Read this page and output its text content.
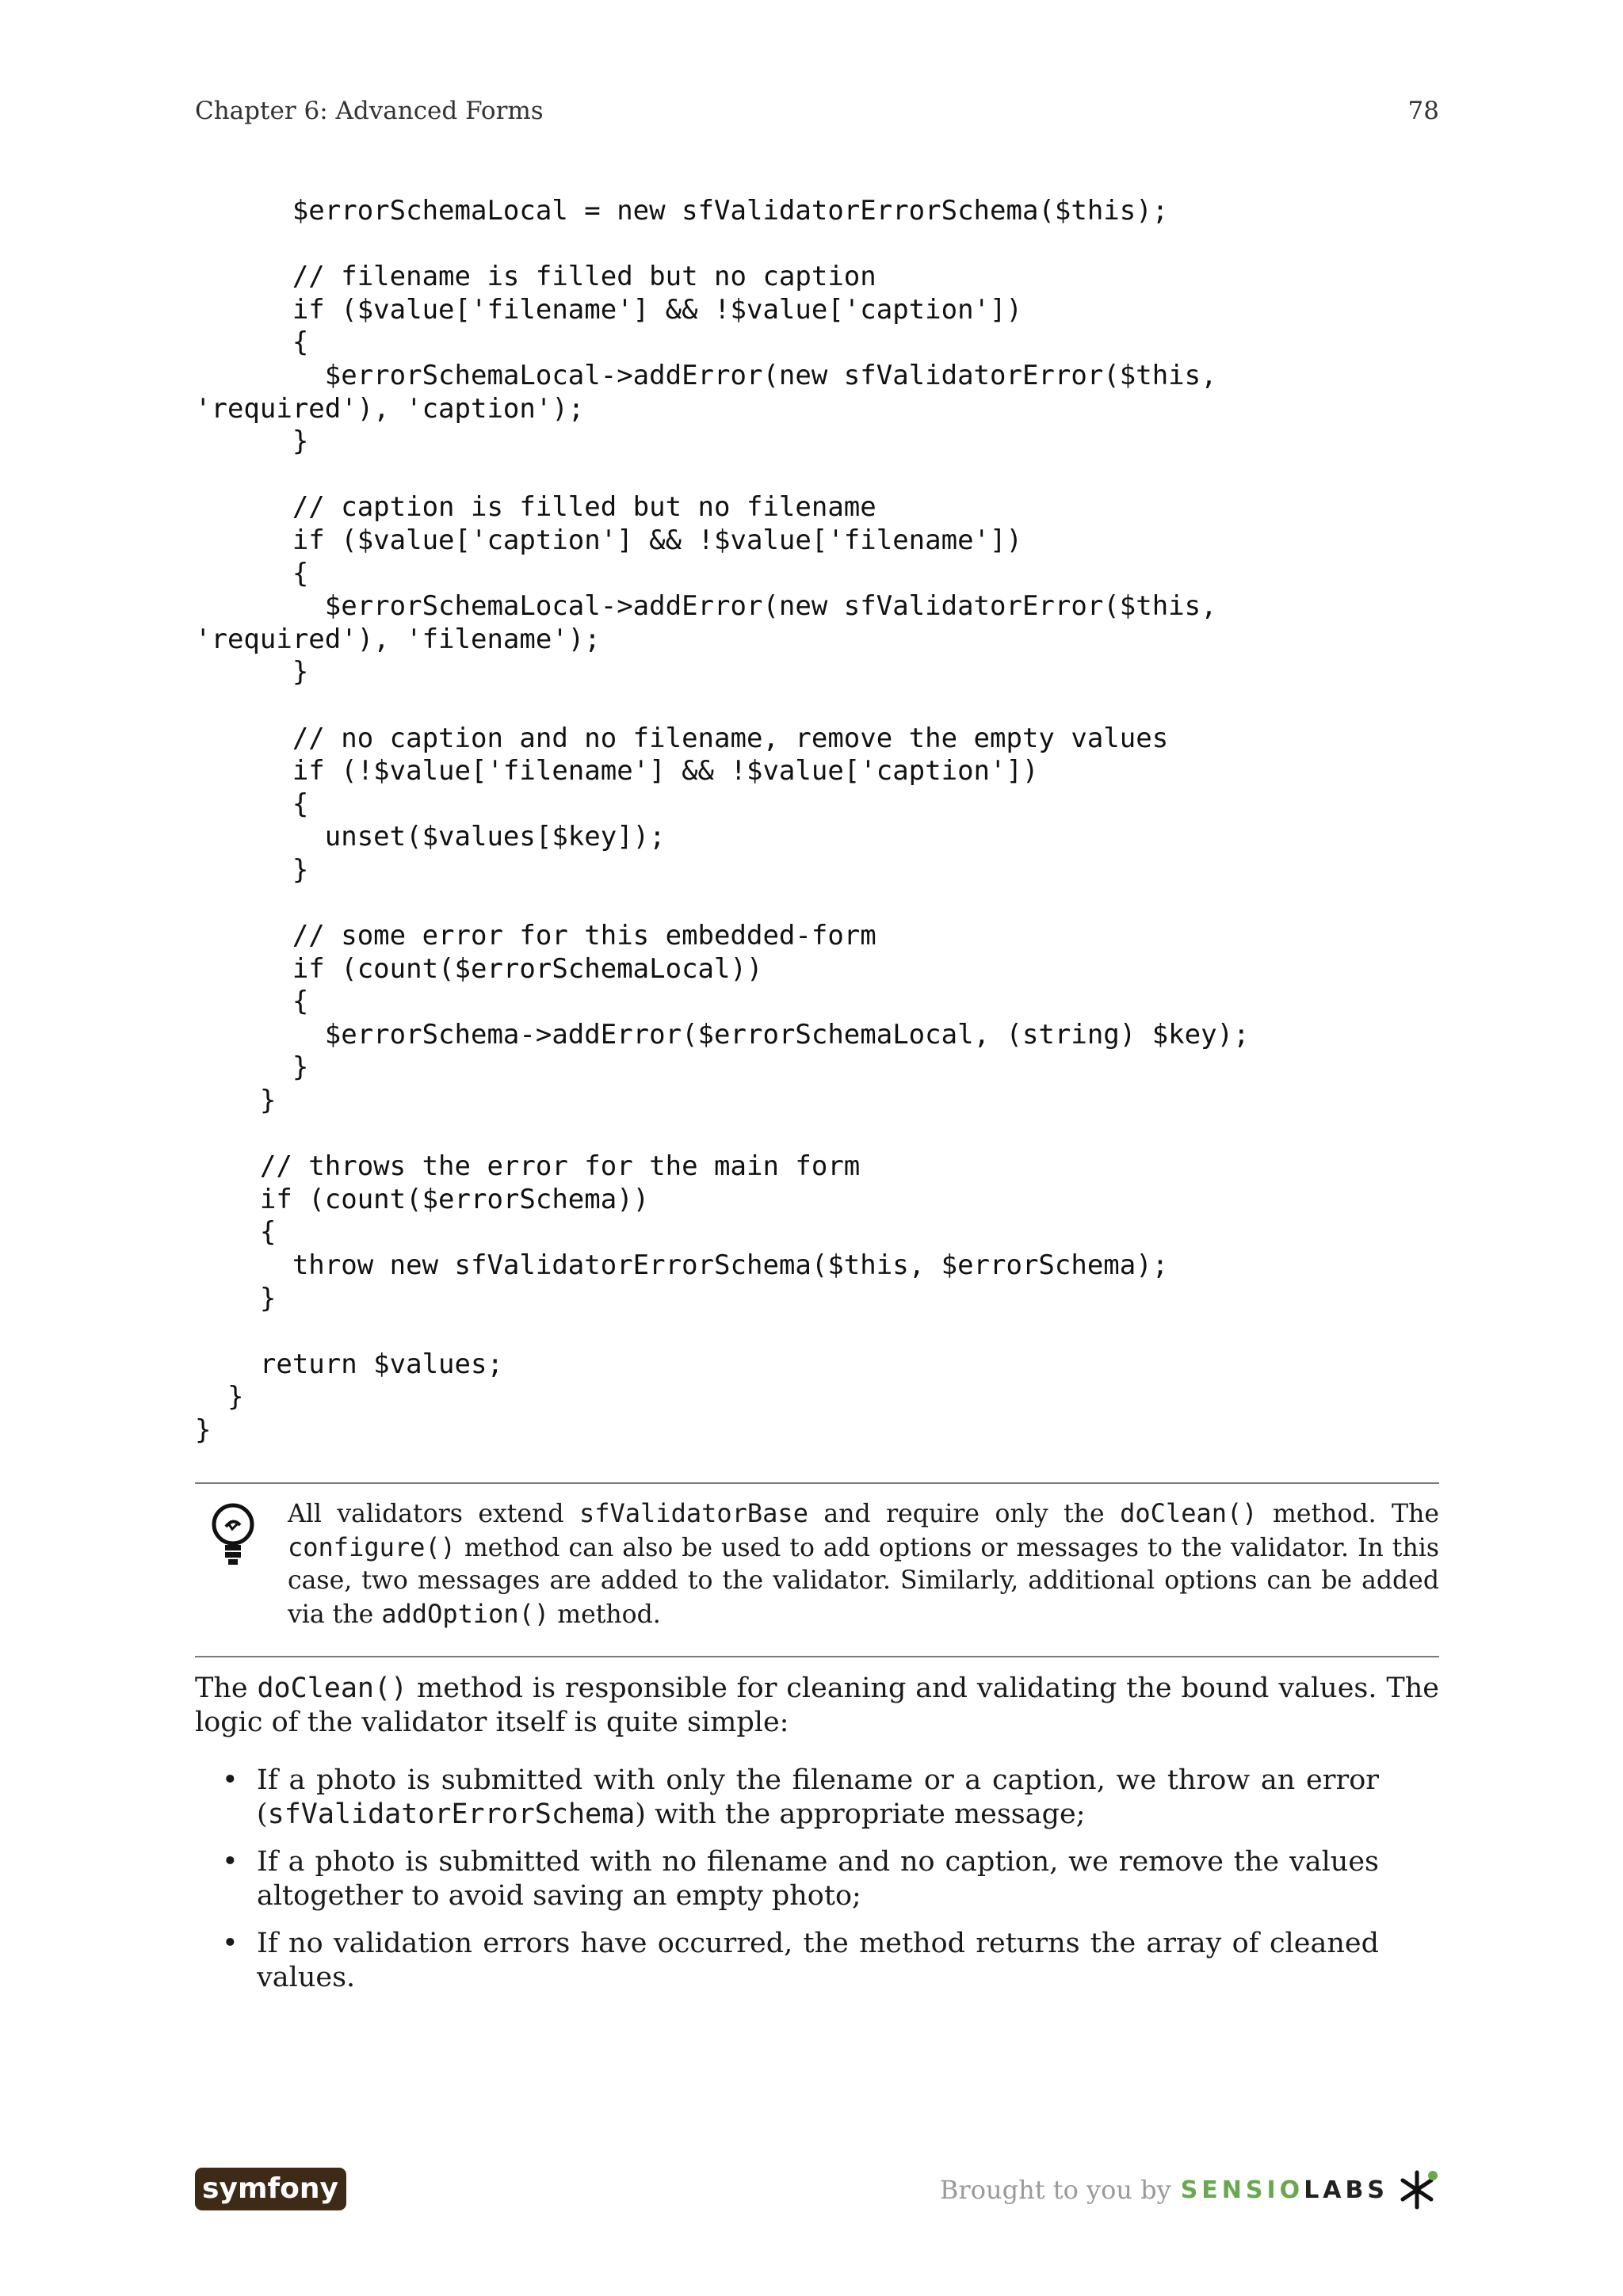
Chapter 6: Advanced Forms	78
$errorSchemaLocal = new sfValidatorErrorSchema($this);
// filename is filled but no caption
if ($value['filename'] && !$value['caption'])
{
$errorSchemaLocal->addError(new sfValidatorError($this,
'required'), 'caption');
}
// caption is filled but no filename
if ($value['caption'] && !$value['filename'])
{
$errorSchemaLocal->addError(new sfValidatorError($this,
'required'), 'filename');
}
// no caption and no filename, remove the empty values
if (!$value['filename'] && !$value['caption'])
{
unset($values[$key]);
}
// some error for this embedded-form
if (count($errorSchemaLocal))
{
$errorSchema->addError($errorSchemaLocal, (string) $key);
}
}
// throws the error for the main form
if (count($errorSchema))
{
throw new sfValidatorErrorSchema($this, $errorSchema);
}
return $values;
}
}
All validators extend sfValidatorBase and require only the doClean() method. The configure() method can also be used to add options or messages to the validator. In this case, two messages are added to the validator. Similarly, additional options can be added via the addOption() method.

The doClean() method is responsible for cleaning and validating the bound values. The logic of the validator itself is quite simple:

• If a photo is submitted with only the filename or a caption, we throw an error (sfValidatorErrorSchema) with the appropriate message;
• If a photo is submitted with no filename and no caption, we remove the values altogether to avoid saving an empty photo;
• If no validation errors have occurred, the method returns the array of cleaned values.
symfony	Brought to you by SENSIOLABS
